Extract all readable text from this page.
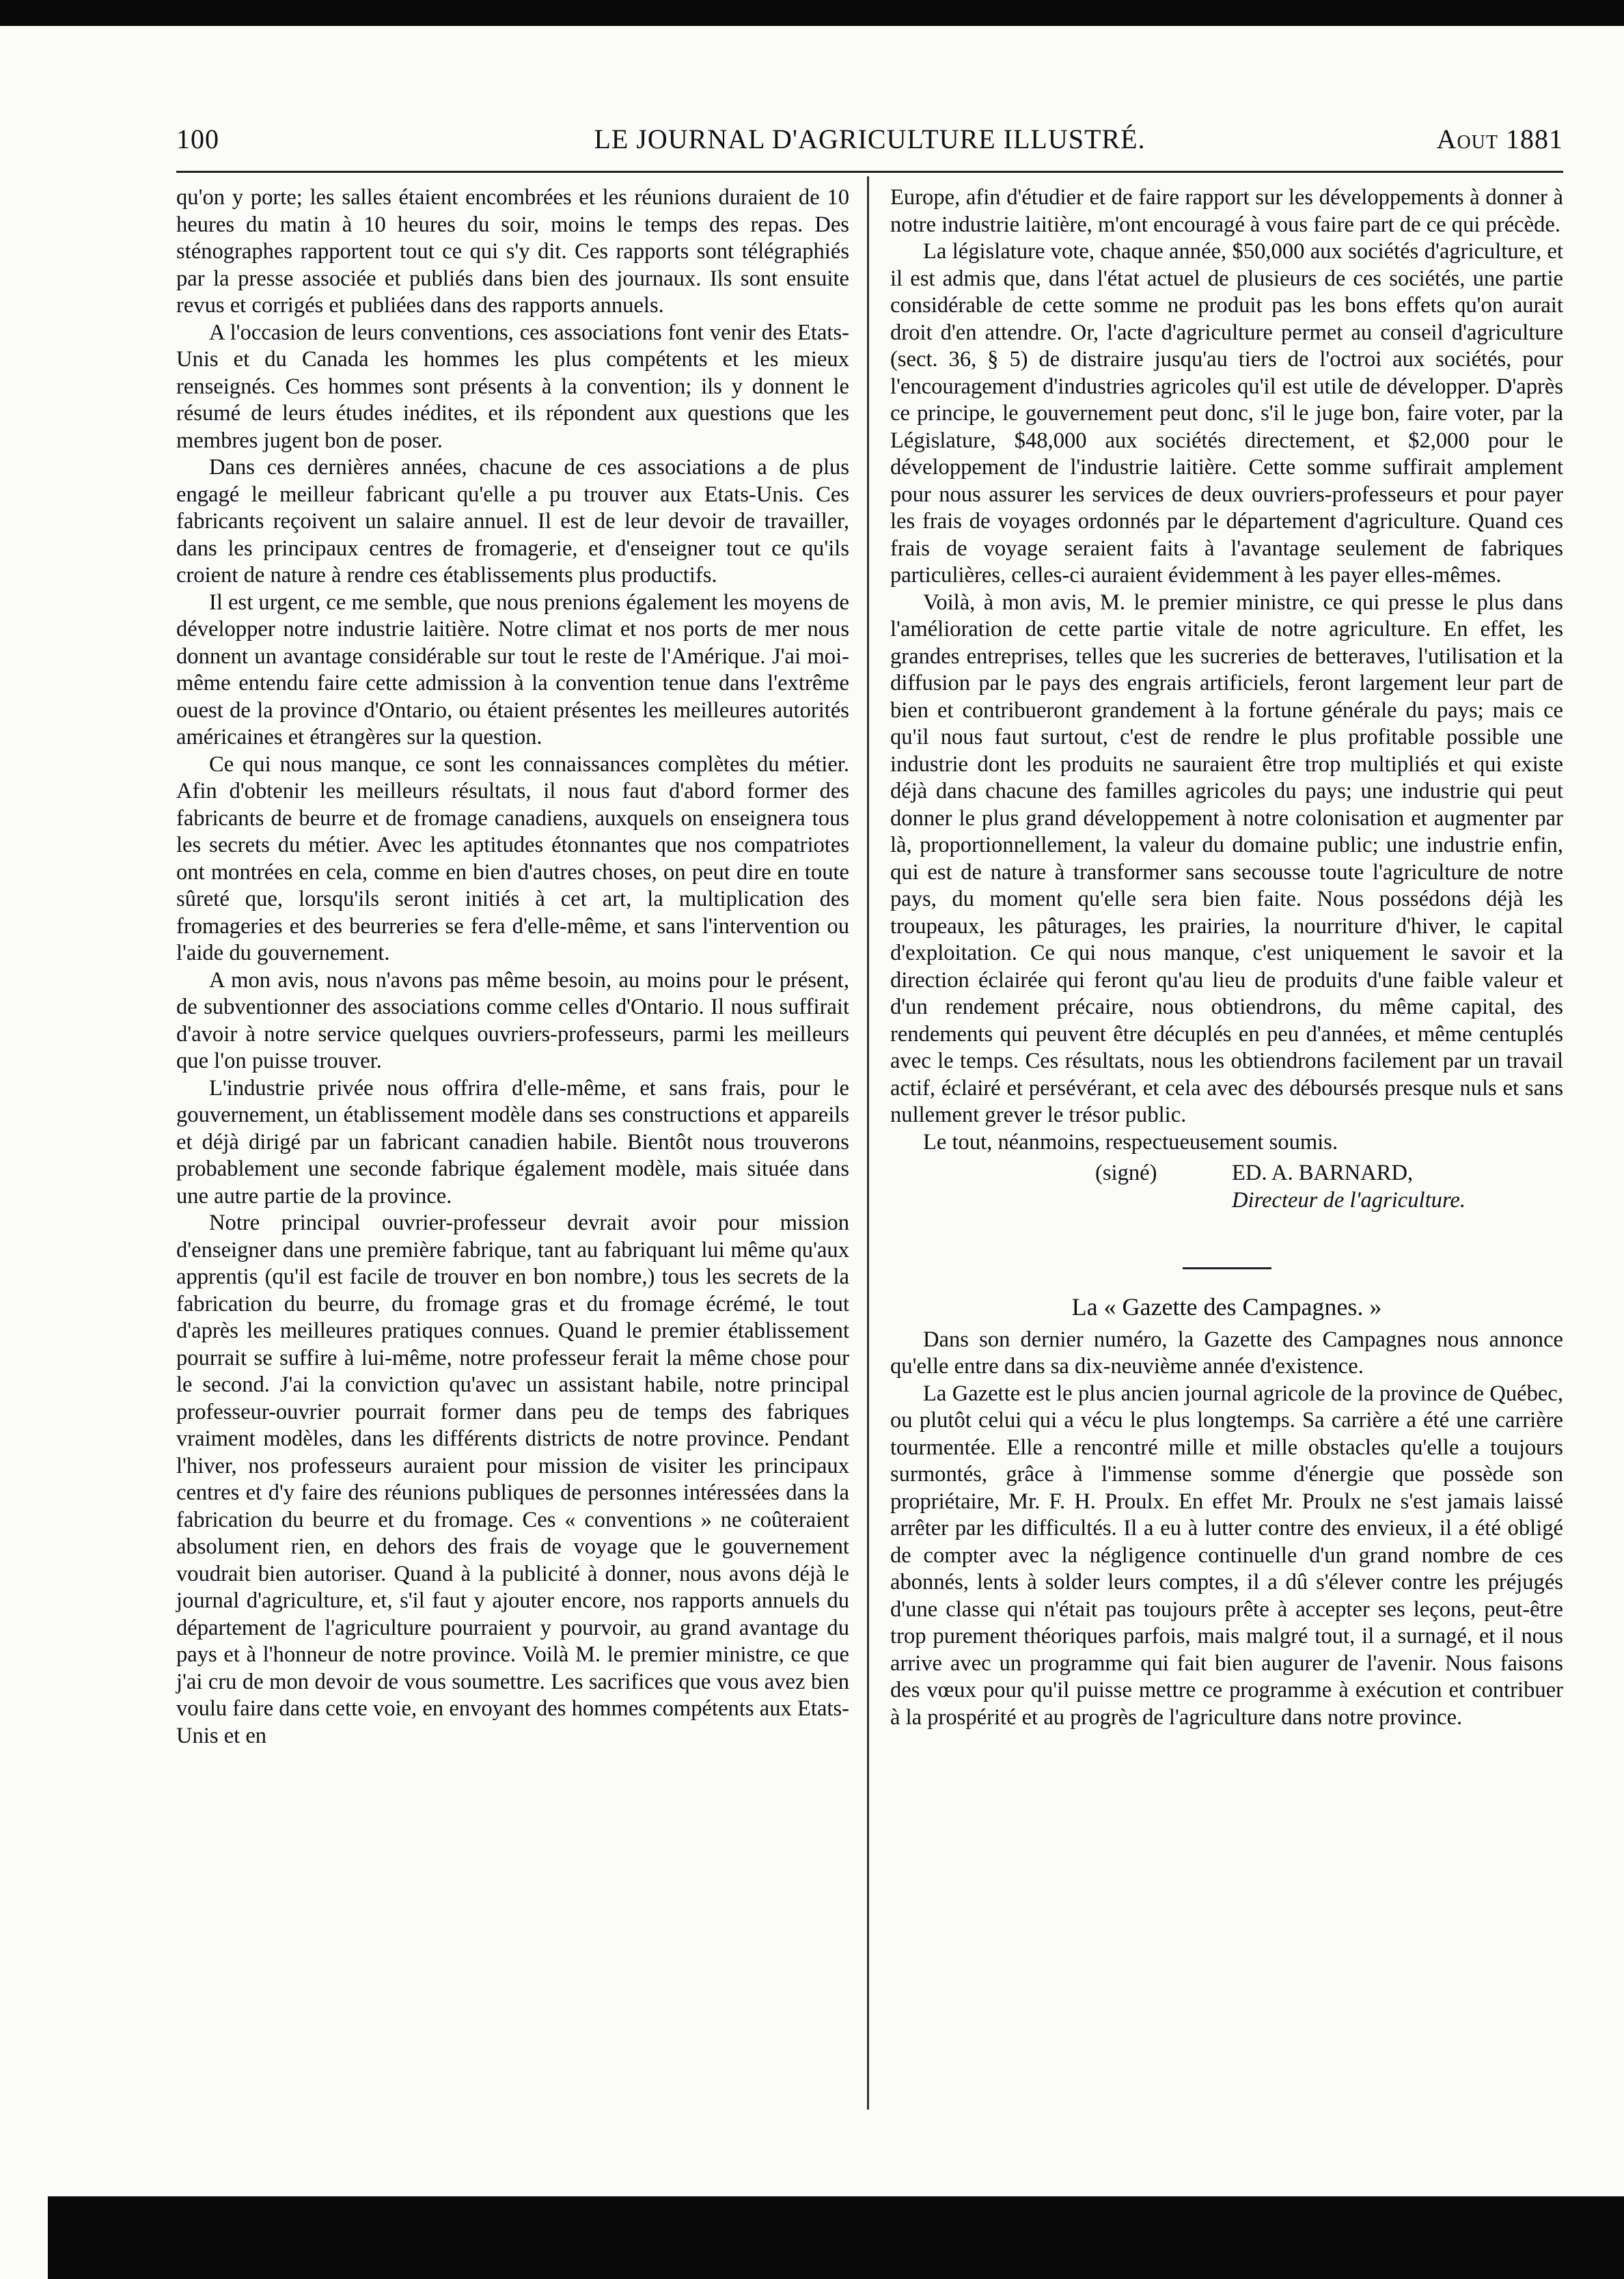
100	LE JOURNAL D'AGRICULTURE ILLUSTRÉ.	Aout 1881

qu'on y porte; les salles étaient encombrées et les réunions duraient de 10 heures du matin à 10 heures du soir, moins le temps des repas. Des sténographes rapportent tout ce qui s'y dit. Ces rapports sont télégraphiés par la presse associée et publiés dans bien des journaux. Ils sont ensuite revus et corrigés et publiées dans des rapports annuels.

A l'occasion de leurs conventions, ces associations font venir des Etats-Unis et du Canada les hommes les plus compétents et les mieux renseignés. Ces hommes sont présents à la convention; ils y donnent le résumé de leurs études inédites, et ils répondent aux questions que les membres jugent bon de poser.

Dans ces dernières années, chacune de ces associations a de plus engagé le meilleur fabricant qu'elle a pu trouver aux Etats-Unis. Ces fabricants reçoivent un salaire annuel. Il est de leur devoir de travailler, dans les principaux centres de fromagerie, et d'enseigner tout ce qu'ils croient de nature à rendre ces établissements plus productifs.

Il est urgent, ce me semble, que nous prenions également les moyens de développer notre industrie laitière. Notre climat et nos ports de mer nous donnent un avantage considérable sur tout le reste de l'Amérique. J'ai moi-même entendu faire cette admission à la convention tenue dans l'extrême ouest de la province d'Ontario, ou étaient présentes les meilleures autorités américaines et étrangères sur la question.

Ce qui nous manque, ce sont les connaissances complètes du métier. Afin d'obtenir les meilleurs résultats, il nous faut d'abord former des fabricants de beurre et de fromage canadiens, auxquels on enseignera tous les secrets du métier. Avec les aptitudes étonnantes que nos compatriotes ont montrées en cela, comme en bien d'autres choses, on peut dire en toute sûreté que, lorsqu'ils seront initiés à cet art, la multiplication des fromageries et des beurreries se fera d'elle-même, et sans l'intervention ou l'aide du gouvernement.

A mon avis, nous n'avons pas même besoin, au moins pour le présent, de subventionner des associations comme celles d'Ontario. Il nous suffirait d'avoir à notre service quelques ouvriers-professeurs, parmi les meilleurs que l'on puisse trouver.

L'industrie privée nous offrira d'elle-même, et sans frais, pour le gouvernement, un établissement modèle dans ses constructions et appareils et déjà dirigé par un fabricant canadien habile. Bientôt nous trouverons probablement une seconde fabrique également modèle, mais située dans une autre partie de la province.

Notre principal ouvrier-professeur devrait avoir pour mission d'enseigner dans une première fabrique, tant au fabriquant lui même qu'aux apprentis (qu'il est facile de trouver en bon nombre,) tous les secrets de la fabrication du beurre, du fromage gras et du fromage écrémé, le tout d'après les meilleures pratiques connues. Quand le premier établissement pourrait se suffire à lui-même, notre professeur ferait la même chose pour le second. J'ai la conviction qu'avec un assistant habile, notre principal professeur-ouvrier pourrait former dans peu de temps des fabriques vraiment modèles, dans les différents districts de notre province. Pendant l'hiver, nos professeurs auraient pour mission de visiter les principaux centres et d'y faire des réunions publiques de personnes intéressées dans la fabrication du beurre et du fromage. Ces « conventions » ne coûteraient absolument rien, en dehors des frais de voyage que le gouvernement voudrait bien autoriser. Quand à la publicité à donner, nous avons déjà le journal d'agriculture, et, s'il faut y ajouter encore, nos rapports annuels du département de l'agriculture pourraient y pourvoir, au grand avantage du pays et à l'honneur de notre province. Voilà M. le premier ministre, ce que j'ai cru de mon devoir de vous soumettre. Les sacrifices que vous avez bien voulu faire dans cette voie, en envoyant des hommes compétents aux Etats-Unis et en

Europe, afin d'étudier et de faire rapport sur les développements à donner à notre industrie laitière, m'ont encouragé à vous faire part de ce qui précède.

La législature vote, chaque année, $50,000 aux sociétés d'agriculture, et il est admis que, dans l'état actuel de plusieurs de ces sociétés, une partie considérable de cette somme ne produit pas les bons effets qu'on aurait droit d'en attendre. Or, l'acte d'agriculture permet au conseil d'agriculture (sect. 36, § 5) de distraire jusqu'au tiers de l'octroi aux sociétés, pour l'encouragement d'industries agricoles qu'il est utile de développer. D'après ce principe, le gouvernement peut donc, s'il le juge bon, faire voter, par la Législature, $48,000 aux sociétés directement, et $2,000 pour le développement de l'industrie laitière. Cette somme suffirait amplement pour nous assurer les services de deux ouvriers-professeurs et pour payer les frais de voyages ordonnés par le département d'agriculture. Quand ces frais de voyage seraient faits à l'avantage seulement de fabriques particulières, celles-ci auraient évidemment à les payer elles-mêmes.

Voilà, à mon avis, M. le premier ministre, ce qui presse le plus dans l'amélioration de cette partie vitale de notre agriculture. En effet, les grandes entreprises, telles que les sucreries de betteraves, l'utilisation et la diffusion par le pays des engrais artificiels, feront largement leur part de bien et contribueront grandement à la fortune générale du pays; mais ce qu'il nous faut surtout, c'est de rendre le plus profitable possible une industrie dont les produits ne sauraient être trop multipliés et qui existe déjà dans chacune des familles agricoles du pays; une industrie qui peut donner le plus grand développement à notre colonisation et augmenter par là, proportionnellement, la valeur du domaine public; une industrie enfin, qui est de nature à transformer sans secousse toute l'agriculture de notre pays, du moment qu'elle sera bien faite. Nous possédons déjà les troupeaux, les pâturages, les prairies, la nourriture d'hiver, le capital d'exploitation. Ce qui nous manque, c'est uniquement le savoir et la direction éclairée qui feront qu'au lieu de produits d'une faible valeur et d'un rendement précaire, nous obtiendrons, du même capital, des rendements qui peuvent être décuplés en peu d'années, et même centuplés avec le temps. Ces résultats, nous les obtiendrons facilement par un travail actif, éclairé et persévérant, et cela avec des déboursés presque nuls et sans nullement grever le trésor public.

Le tout, néanmoins, respectueusement soumis.

(signé)	ED. A. BARNARD,
Directeur de l'agriculture.
La « Gazette des Campagnes. »

Dans son dernier numéro, la Gazette des Campagnes nous annonce qu'elle entre dans sa dix-neuvième année d'existence.

La Gazette est le plus ancien journal agricole de la province de Québec, ou plutôt celui qui a vécu le plus longtemps. Sa carrière a été une carrière tourmentée. Elle a rencontré mille et mille obstacles qu'elle a toujours surmontés, grâce à l'immense somme d'énergie que possède son propriétaire, Mr. F. H. Proulx. En effet Mr. Proulx ne s'est jamais laissé arrêter par les difficultés. Il a eu à lutter contre des envieux, il a été obligé de compter avec la négligence continuelle d'un grand nombre de ces abonnés, lents à solder leurs comptes, il a dû s'élever contre les préjugés d'une classe qui n'était pas toujours prête à accepter ses leçons, peut-être trop purement théoriques parfois, mais malgré tout, il a surnagé, et il nous arrive avec un programme qui fait bien augurer de l'avenir. Nous faisons des vœux pour qu'il puisse mettre ce programme à exécution et contribuer à la prospérité et au progrès de l'agriculture dans notre province.
